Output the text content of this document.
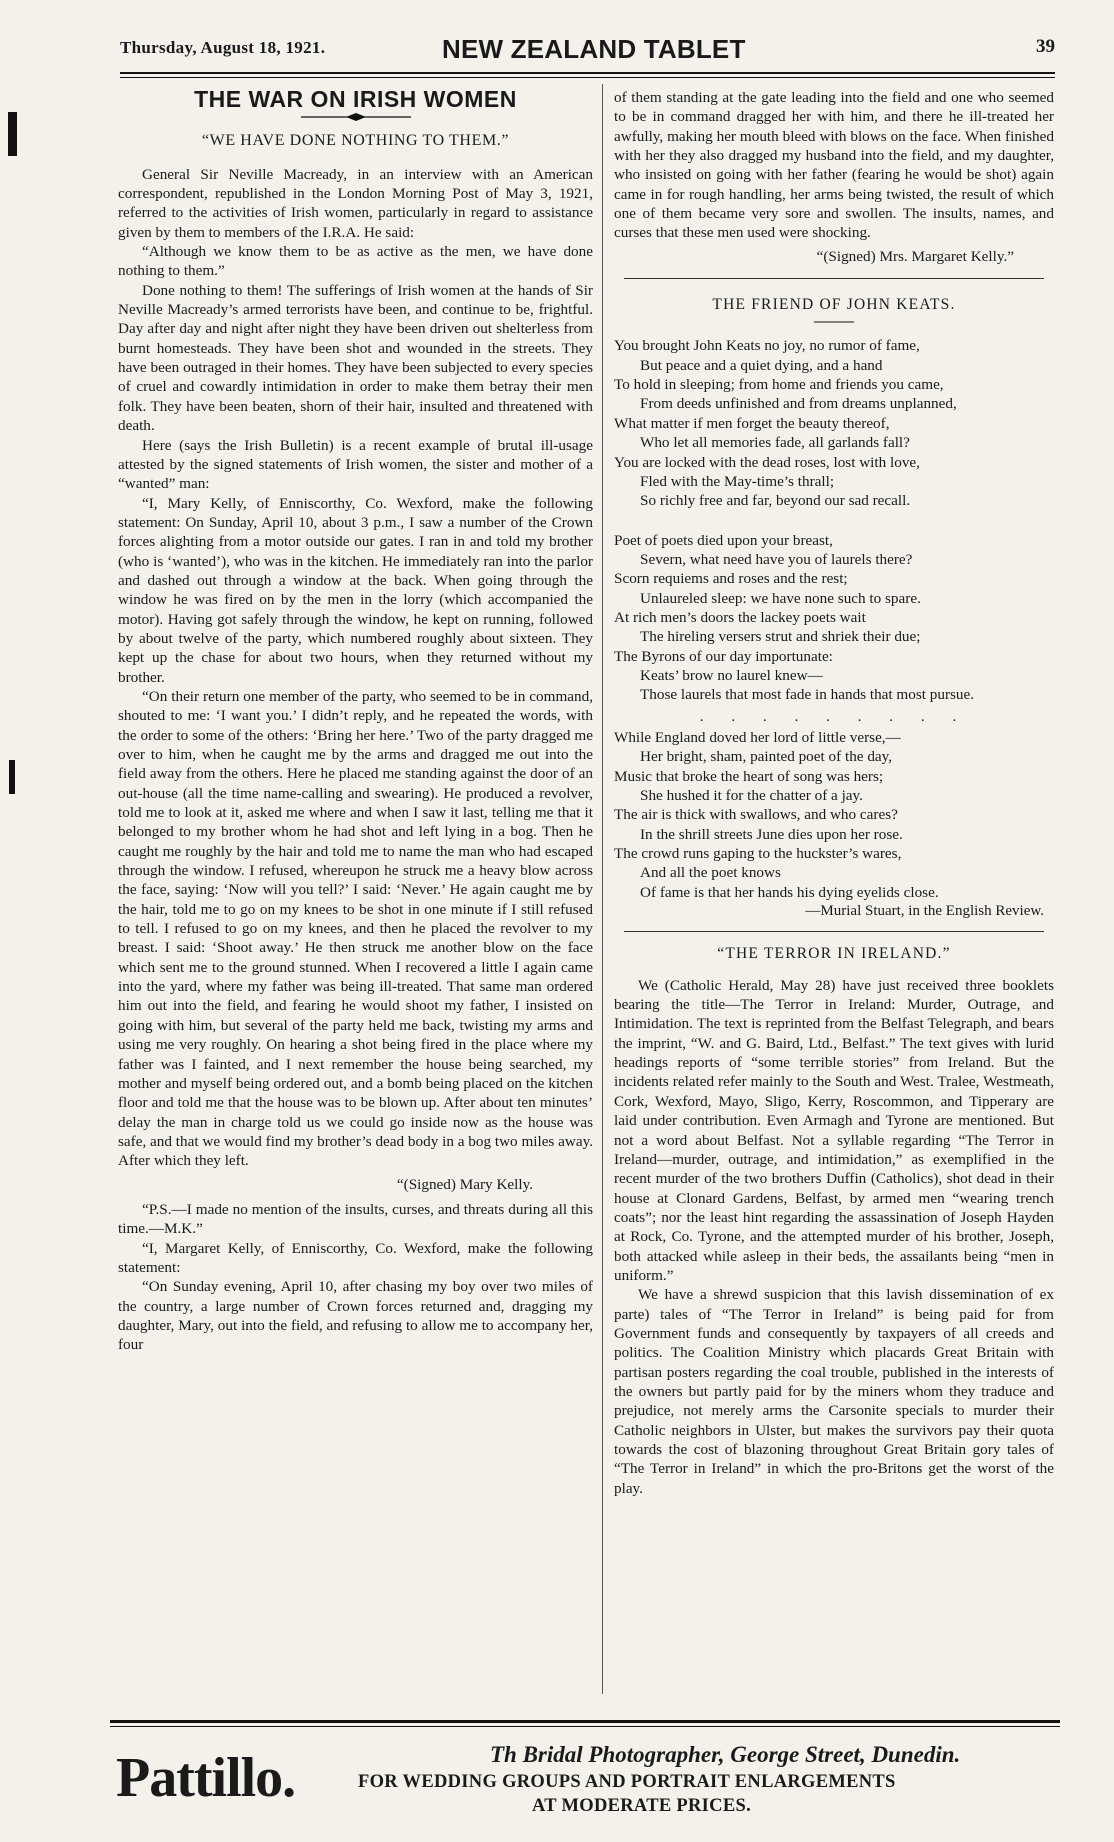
Thursday, August 18, 1921.	NEW ZEALAND TABLET	39
THE WAR ON IRISH WOMEN
“WE HAVE DONE NOTHING TO THEM.”

General Sir Neville Macready, in an interview with an American correspondent, republished in the London Morning Post of May 3, 1921, referred to the activities of Irish women, particularly in regard to assistance given by them to members of the I.R.A. He said:

“Although we know them to be as active as the men, we have done nothing to them.”

Done nothing to them! The sufferings of Irish women at the hands of Sir Neville Macready’s armed terrorists have been, and continue to be, frightful. Day after day and night after night they have been driven out shelterless from burnt homesteads. They have been shot and wounded in the streets. They have been outraged in their homes. They have been subjected to every species of cruel and cowardly intimidation in order to make them betray their men folk. They have been beaten, shorn of their hair, insulted and threatened with death.

Here (says the Irish Bulletin) is a recent example of brutal ill-usage attested by the signed statements of Irish women, the sister and mother of a “wanted” man:

“I, Mary Kelly, of Enniscorthy, Co. Wexford, make the following statement: On Sunday, April 10, about 3 p.m., I saw a number of the Crown forces alighting from a motor outside our gates. I ran in and told my brother (who is ‘wanted’), who was in the kitchen. He immediately ran into the parlor and dashed out through a window at the back. When going through the window he was fired on by the men in the lorry (which accompanied the motor). Having got safely through the window, he kept on running, followed by about twelve of the party, which numbered roughly about sixteen. They kept up the chase for about two hours, when they returned without my brother.

“On their return one member of the party, who seemed to be in command, shouted to me: ‘I want you.’ I didn’t reply, and he repeated the words, with the order to some of the others: ‘Bring her here.’ Two of the party dragged me over to him, when he caught me by the arms and dragged me out into the field away from the others. Here he placed me standing against the door of an out-house (all the time name-calling and swearing). He produced a revolver, told me to look at it, asked me where and when I saw it last, telling me that it belonged to my brother whom he had shot and left lying in a bog. Then he caught me roughly by the hair and told me to name the man who had escaped through the window. I refused, whereupon he struck me a heavy blow across the face, saying: ‘Now will you tell?’ I said: ‘Never.’ He again caught me by the hair, told me to go on my knees to be shot in one minute if I still refused to tell. I refused to go on my knees, and then he placed the revolver to my breast. I said: ‘Shoot away.’ He then struck me another blow on the face which sent me to the ground stunned. When I recovered a little I again came into the yard, where my father was being ill-treated. That same man ordered him out into the field, and fearing he would shoot my father, I insisted on going with him, but several of the party held me back, twisting my arms and using me very roughly. On hearing a shot being fired in the place where my father was I fainted, and I next remember the house being searched, my mother and myself being ordered out, and a bomb being placed on the kitchen floor and told me that the house was to be blown up. After about ten minutes’ delay the man in charge told us we could go inside now as the house was safe, and that we would find my brother’s dead body in a bog two miles away. After which they left.

“(Signed) Mary Kelly.

“P.S.—I made no mention of the insults, curses, and threats during all this time.—M.K.”

“I, Margaret Kelly, of Enniscorthy, Co. Wexford, make the following statement:

“On Sunday evening, April 10, after chasing my boy over two miles of the country, a large number of Crown forces returned and, dragging my daughter, Mary, out into the field, and refusing to allow me to accompany her, four

of them standing at the gate leading into the field and one who seemed to be in command dragged her with him, and there he ill-treated her awfully, making her mouth bleed with blows on the face. When finished with her they also dragged my husband into the field, and my daughter, who insisted on going with her father (fearing he would be shot) again came in for rough handling, her arms being twisted, the result of which one of them became very sore and swollen. The insults, names, and curses that these men used were shocking.

“(Signed) Mrs. Margaret Kelly.”
THE FRIEND OF JOHN KEATS.
You brought John Keats no joy, no rumor of fame,
But peace and a quiet dying, and a hand
To hold in sleeping; from home and friends you came,
From deeds unfinished and from dreams unplanned,
What matter if men forget the beauty thereof,
Who let all memories fade, all garlands fall?
You are locked with the dead roses, lost with love,
Fled with the May-time’s thrall;
So richly free and far, beyond our sad recall.
Poet of poets died upon your breast,
Severn, what need have you of laurels there?
Scorn requiems and roses and the rest;
Unlaureled sleep: we have none such to spare.
At rich men’s doors the lackey poets wait
The hireling versers strut and shriek their due;
The Byrons of our day importunate:
Keats’ brow no laurel knew—
Those laurels that most fade in hands that most pursue.
. . . . . . . . .
While England doved her lord of little verse,—
Her bright, sham, painted poet of the day,
Music that broke the heart of song was hers;
She hushed it for the chatter of a jay.
The air is thick with swallows, and who cares?
In the shrill streets June dies upon her rose.
The crowd runs gaping to the huckster’s wares,
And all the poet knows
Of fame is that her hands his dying eyelids close.
—Murial Stuart, in the English Review.
“THE TERROR IN IRELAND.”

We (Catholic Herald, May 28) have just received three booklets bearing the title—The Terror in Ireland: Murder, Outrage, and Intimidation. The text is reprinted from the Belfast Telegraph, and bears the imprint, “W. and G. Baird, Ltd., Belfast.” The text gives with lurid headings reports of “some terrible stories” from Ireland. But the incidents related refer mainly to the South and West. Tralee, Westmeath, Cork, Wexford, Mayo, Sligo, Kerry, Roscommon, and Tipperary are laid under contribution. Even Armagh and Tyrone are mentioned. But not a word about Belfast. Not a syllable regarding “The Terror in Ireland—murder, outrage, and intimidation,” as exemplified in the recent murder of the two brothers Duffin (Catholics), shot dead in their house at Clonard Gardens, Belfast, by armed men “wearing trench coats”; nor the least hint regarding the assassination of Joseph Hayden at Rock, Co. Tyrone, and the attempted murder of his brother, Joseph, both attacked while asleep in their beds, the assailants being “men in uniform.”

We have a shrewd suspicion that this lavish dissemination of ex parte) tales of “The Terror in Ireland” is being paid for from Government funds and consequently by taxpayers of all creeds and politics. The Coalition Ministry which placards Great Britain with partisan posters regarding the coal trouble, published in the interests of the owners but partly paid for by the miners whom they traduce and prejudice, not merely arms the Carsonite specials to murder their Catholic neighbors in Ulster, but makes the survivors pay their quota towards the cost of blazoning throughout Great Britain gory tales of “The Terror in Ireland” in which the pro-Britons get the worst of the play.

Pattillo.	Th Bridal Photographer, George Street, Dunedin.
FOR WEDDING GROUPS AND PORTRAIT ENLARGEMENTS
AT MODERATE PRICES.
